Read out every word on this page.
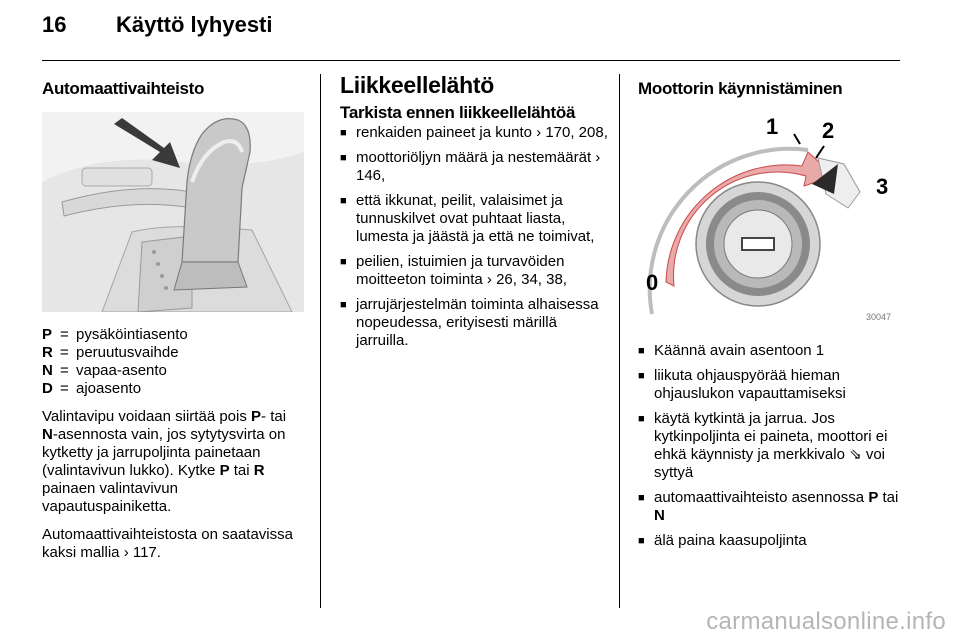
16 Käyttö lyhyesti
Automaattivaihteisto
P = pysäköintiasento
R = peruutusvaihde
N = vapaa-asento
D = ajoasento

Valintavipu voidaan siirtää pois P- tai N-asennosta vain, jos sytytysvirta on kytketty ja jarrupoljinta painetaan (valintavivun lukko). Kytke P tai R painaen valintavivun vapautuspainiketta.

Automaattivaihteistosta on saatavissa kaksi mallia › 117.

Liikkeellelähtö
Tarkista ennen liikkeellelähtöä
■ renkaiden paineet ja kunto › 170, 208,
■ moottoriöljyn määrä ja nestemäärät › 146,
■ että ikkunat, peilit, valaisimet ja tunnuskilvet ovat puhtaat liasta, lumesta ja jäästä ja että ne toimivat,
■ peilien, istuimien ja turvavöiden moitteeton toiminta › 26, 34, 38,
■ jarrujärjestelmän toiminta alhaisessa nopeudessa, erityisesti märillä jarruilla.
Moottorin käynnistäminen
0
1 2
3
30047
■ Käännä avain asentoon 1
■ liikuta ohjauspyörää hieman ohjauslukon vapauttamiseksi
■ käytä kytkintä ja jarrua. Jos kytkinpoljinta ei paineta, moottori ei ehkä käynnisty ja merkkivalo ⇘ voi syttyä
■ automaattivaihteisto asennossa P tai N
■ älä paina kaasupoljinta
carmanualsonline.info
